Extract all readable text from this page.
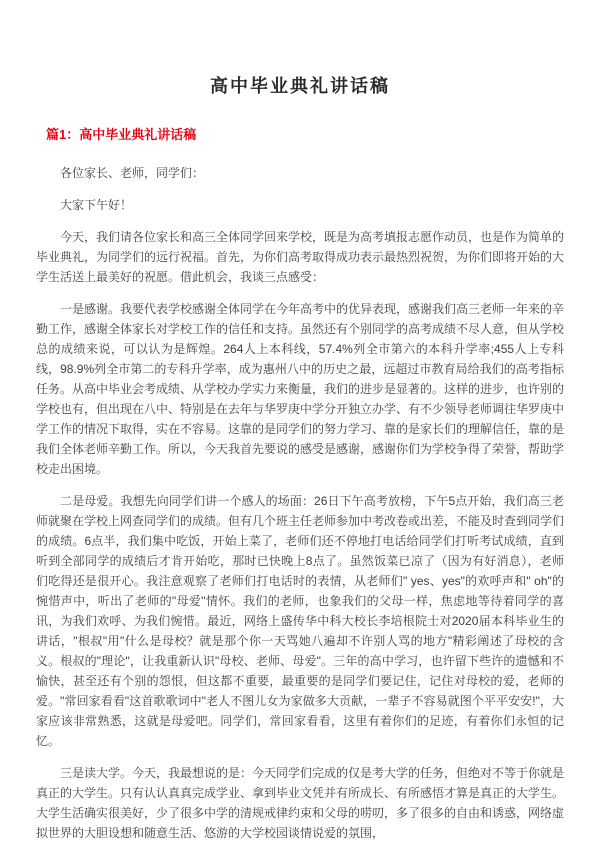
高中毕业典礼讲话稿
篇1：高中毕业典礼讲话稿

各位家长、老师，同学们：

大家下午好！

今天，我们请各位家长和高三全体同学回来学校，既是为高考填报志愿作动员，也是作为简单的毕业典礼，为同学们的远行祝福。首先，为你们高考取得成功表示最热烈祝贺，为你们即将开始的大学生活送上最美好的祝愿。借此机会，我谈三点感受：

一是感谢。我要代表学校感谢全体同学在今年高考中的优异表现，感谢我们高三老师一年来的辛勤工作，感谢全体家长对学校工作的信任和支持。虽然还有个别同学的高考成绩不尽人意，但从学校总的成绩来说，可以认为是辉煌。264人上本科线，57.4%列全市第六的本科升学率;455人上专科线，98.9%列全市第二的专科升学率，成为惠州八中的历史之最，远超过市教育局给我们的高考指标任务。从高中毕业会考成绩、从学校办学实力来衡量，我们的进步是显著的。这样的进步，也许别的学校也有，但出现在八中、特别是在去年与华罗庚中学分开独立办学、有不少领导老师调往华罗庚中学工作的情况下取得，实在不容易。这靠的是同学们的努力学习、靠的是家长们的理解信任，靠的是我们全体老师辛勤工作。所以，今天我首先要说的感受是感谢，感谢你们为学校争得了荣誉，帮助学校走出困境。

二是母爱。我想先向同学们讲一个感人的场面：26日下午高考放榜，下午5点开始，我们高三老师就聚在学校上网查同学们的成绩。但有几个班主任老师参加中考改卷或出差，不能及时查到同学们的成绩。6点半，我们集中吃饭，开始上菜了，老师们还不停地打电话给同学们打听考试成绩，直到听到全部同学的成绩后才肯开始吃，那时已快晚上8点了。虽然饭菜已凉了（因为有好消息），老师们吃得还是很开心。我注意观察了老师们打电话时的表情，从老师们" yes、yes"的欢呼声和" oh"的惋惜声中，听出了老师的"母爱"情怀。我们的老师，也象我们的父母一样，焦虑地等待着同学的喜讯，为我们欢呼、为我们惋惜。最近，网络上盛传华中科大校长李培根院士对2020届本科毕业生的讲话，"根叔"用"什么是母校？就是那个你一天骂她八遍却不许别人骂的地方"精彩阐述了母校的含义。根叔的"理论"，让我重新认识"母校、老师、母爱"。三年的高中学习，也许留下些许的遗憾和不愉快，甚至还有个别的怨恨，但这都不重要，最重要的是同学们要记住，记住对母校的爱，老师的爱。"常回家看看"这首歌歌词中"老人不图儿女为家做多大贡献，一辈子不容易就图个平平安安!"，大家应该非常熟悉，这就是母爱吧。同学们，常回家看看，这里有着你们的足迹，有着你们永恒的记忆。

三是读大学。今天，我最想说的是：今天同学们完成的仅是考大学的任务，但绝对不等于你就是真正的大学生。只有认认真真完成学业、拿到毕业文凭并有所成长、有所感悟才算是真正的大学生。大学生活确实很美好，少了很多中学的清规戒律约束和父母的唠叨，多了很多的自由和诱惑，网络虚拟世界的大胆设想和随意生活、悠游的大学校园谈情说爱的氛围，
